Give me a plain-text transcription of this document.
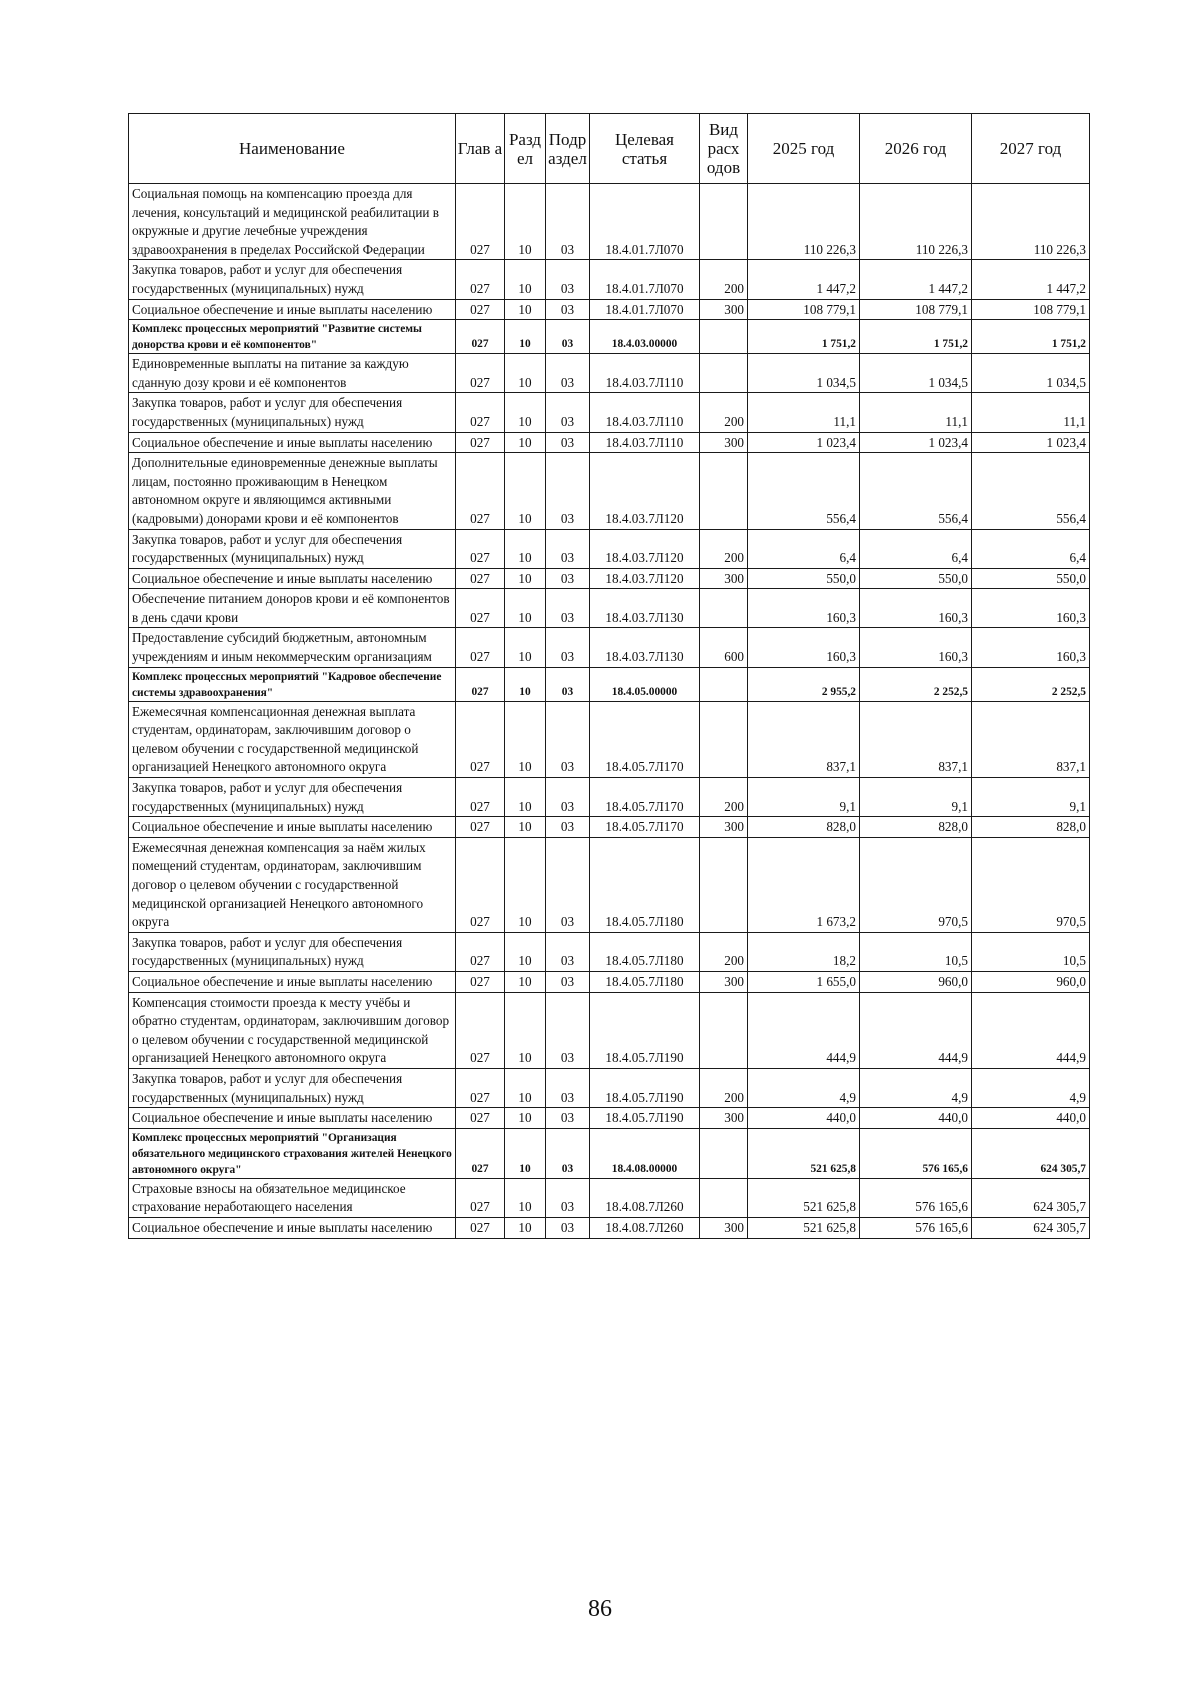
Наименование	Глав а	Разд ел	Подр аздел	Целевая статья	Вид расх одов	2025 год	2026 год	2027 год
Социальная помощь на компенсацию проезда для лечения, консультаций и медицинской реабилитации в окружные и другие лечебные учреждения здравоохранения в пределах Российской Федерации	027	10	03	18.4.01.7Л070		110 226,3	110 226,3	110 226,3
Закупка товаров, работ и услуг для обеспечения государственных (муниципальных) нужд	027	10	03	18.4.01.7Л070	200	1 447,2	1 447,2	1 447,2
Социальное обеспечение и иные выплаты населению	027	10	03	18.4.01.7Л070	300	108 779,1	108 779,1	108 779,1
Комплекс процессных мероприятий "Развитие системы донорства крови и её компонентов"	027	10	03	18.4.03.00000		1 751,2	1 751,2	1 751,2
Единовременные выплаты на питание за каждую сданную дозу крови и её компонентов	027	10	03	18.4.03.7Л110		1 034,5	1 034,5	1 034,5
Закупка товаров, работ и услуг для обеспечения государственных (муниципальных) нужд	027	10	03	18.4.03.7Л110	200	11,1	11,1	11,1
Социальное обеспечение и иные выплаты населению	027	10	03	18.4.03.7Л110	300	1 023,4	1 023,4	1 023,4
Дополнительные единовременные денежные выплаты лицам, постоянно проживающим в Ненецком автономном округе и являющимся активными (кадровыми) донорами крови и её компонентов	027	10	03	18.4.03.7Л120		556,4	556,4	556,4
Закупка товаров, работ и услуг для обеспечения государственных (муниципальных) нужд	027	10	03	18.4.03.7Л120	200	6,4	6,4	6,4
Социальное обеспечение и иные выплаты населению	027	10	03	18.4.03.7Л120	300	550,0	550,0	550,0
Обеспечение питанием доноров крови и её компонентов в день сдачи крови	027	10	03	18.4.03.7Л130		160,3	160,3	160,3
Предоставление субсидий бюджетным, автономным учреждениям и иным некоммерческим организациям	027	10	03	18.4.03.7Л130	600	160,3	160,3	160,3
Комплекс процессных мероприятий "Кадровое обеспечение системы здравоохранения"	027	10	03	18.4.05.00000		2 955,2	2 252,5	2 252,5
Ежемесячная компенсационная денежная выплата студентам, ординаторам, заключившим договор о целевом обучении с государственной медицинской организацией Ненецкого автономного округа	027	10	03	18.4.05.7Л170		837,1	837,1	837,1
Закупка товаров, работ и услуг для обеспечения государственных (муниципальных) нужд	027	10	03	18.4.05.7Л170	200	9,1	9,1	9,1
Социальное обеспечение и иные выплаты населению	027	10	03	18.4.05.7Л170	300	828,0	828,0	828,0
Ежемесячная денежная компенсация за наём жилых помещений студентам, ординаторам, заключившим договор о целевом обучении с государственной медицинской организацией Ненецкого автономного округа	027	10	03	18.4.05.7Л180		1 673,2	970,5	970,5
Закупка товаров, работ и услуг для обеспечения государственных (муниципальных) нужд	027	10	03	18.4.05.7Л180	200	18,2	10,5	10,5
Социальное обеспечение и иные выплаты населению	027	10	03	18.4.05.7Л180	300	1 655,0	960,0	960,0
Компенсация стоимости проезда к месту учёбы и обратно студентам, ординаторам, заключившим договор о целевом обучении с государственной медицинской организацией Ненецкого автономного округа	027	10	03	18.4.05.7Л190		444,9	444,9	444,9
Закупка товаров, работ и услуг для обеспечения государственных (муниципальных) нужд	027	10	03	18.4.05.7Л190	200	4,9	4,9	4,9
Социальное обеспечение и иные выплаты населению	027	10	03	18.4.05.7Л190	300	440,0	440,0	440,0
Комплекс процессных мероприятий "Организация обязательного медицинского страхования жителей Ненецкого автономного округа"	027	10	03	18.4.08.00000		521 625,8	576 165,6	624 305,7
Страховые взносы на обязательное медицинское страхование неработающего населения	027	10	03	18.4.08.7Л260		521 625,8	576 165,6	624 305,7
Социальное обеспечение и иные выплаты населению	027	10	03	18.4.08.7Л260	300	521 625,8	576 165,6	624 305,7
86
